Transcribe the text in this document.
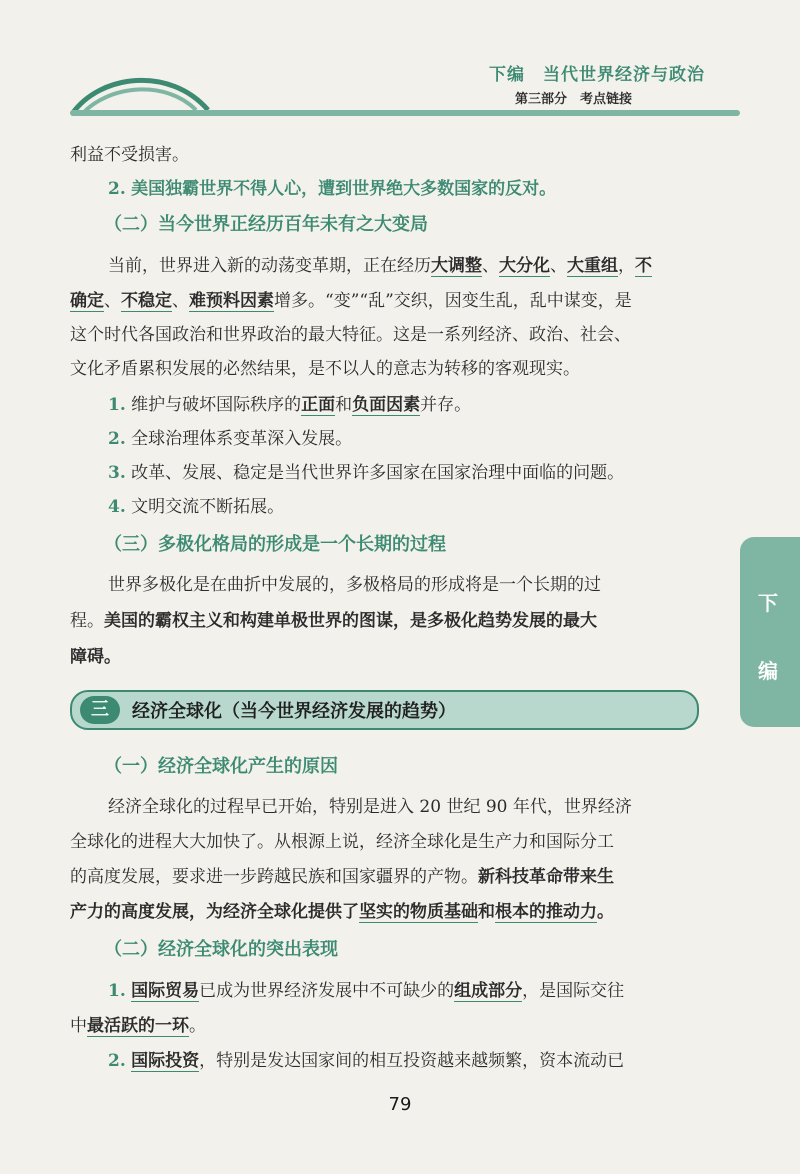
下编　当代世界经济与政治
第三部分　考点链接
下
编
利益不受损害。
2. 美国独霸世界不得人心，遭到世界绝大多数国家的反对。
（二）当今世界正经历百年未有之大变局
当前，世界进入新的动荡变革期，正在经历大调整、大分化、大重组，不
确定、不稳定、难预料因素增多。“变”“乱”交织，因变生乱，乱中谋变，是
这个时代各国政治和世界政治的最大特征。这是一系列经济、政治、社会、
文化矛盾累积发展的必然结果，是不以人的意志为转移的客观现实。
1. 维护与破坏国际秩序的正面和负面因素并存。
2. 全球治理体系变革深入发展。
3. 改革、发展、稳定是当代世界许多国家在国家治理中面临的问题。
4. 文明交流不断拓展。
（三）多极化格局的形成是一个长期的过程
世界多极化是在曲折中发展的，多极格局的形成将是一个长期的过
程。美国的霸权主义和构建单极世界的图谋，是多极化趋势发展的最大
障碍。
三	经济全球化（当今世界经济发展的趋势）
（一）经济全球化产生的原因
经济全球化的过程早已开始，特别是进入 20 世纪 90 年代，世界经济
全球化的进程大大加快了。从根源上说，经济全球化是生产力和国际分工
的高度发展，要求进一步跨越民族和国家疆界的产物。新科技革命带来生
产力的高度发展，为经济全球化提供了坚实的物质基础和根本的推动力。
（二）经济全球化的突出表现
1. 国际贸易已成为世界经济发展中不可缺少的组成部分，是国际交往
中最活跃的一环。
2. 国际投资，特别是发达国家间的相互投资越来越频繁，资本流动已
79
